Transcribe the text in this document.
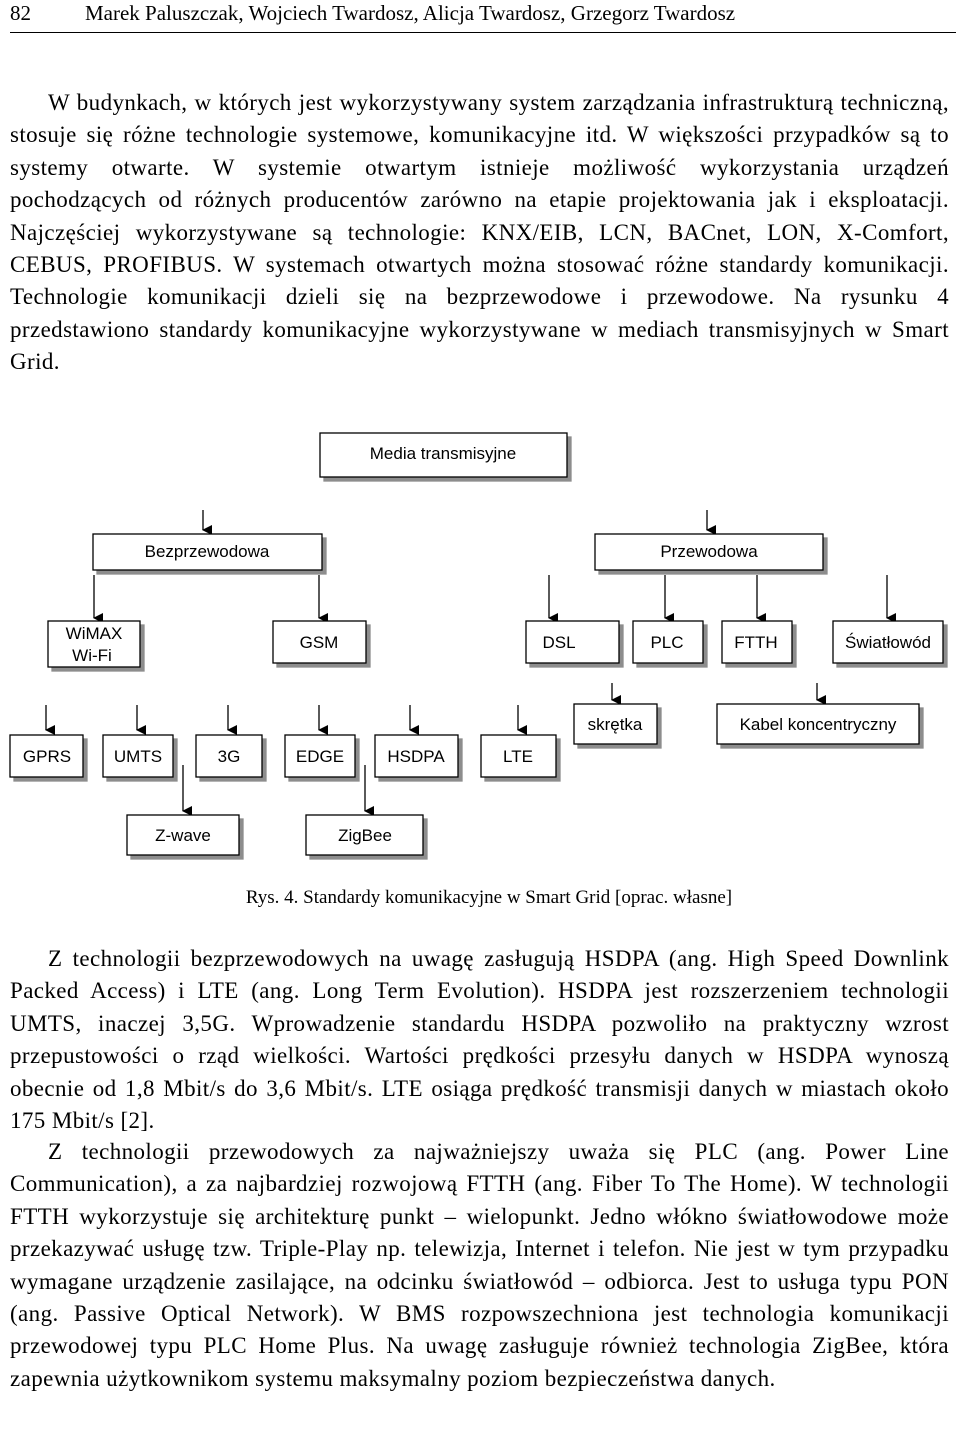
82	Marek Paluszczak, Wojciech Twardosz, Alicja Twardosz, Grzegorz Twardosz

W budynkach, w których jest wykorzystywany system zarządzania infrastrukturą techniczną, stosuje się różne technologie systemowe, komunikacyjne itd. W większości przypadków są to systemy otwarte. W systemie otwartym istnieje możliwość wykorzystania urządzeń pochodzących od różnych producentów zarówno na etapie projektowania jak i eksploatacji. Najczęściej wykorzystywane są technologie: KNX/EIB, LCN, BACnet, LON, X-Comfort, CEBUS, PROFIBUS. W systemach otwartych można stosować różne standardy komunikacji. Technologie komunikacji dzieli się na bezprzewodowe i przewodowe. Na rysunku 4 przedstawiono standardy komunikacyjne wykorzystywane w mediach transmisyjnych w Smart Grid.

Media transmisyjne
Bezprzewodowa	Przewodowa
WiMAX
Wi-Fi
GSM	DSL	PLC	FTTH	Światłowód
skrętka	Kabel koncentryczny
GPRS	UMTS	3G	EDGE	HSDPA	LTE
Z-wave	ZigBee
Rys. 4. Standardy komunikacyjne w Smart Grid [oprac. własne]

Z technologii bezprzewodowych na uwagę zasługują HSDPA (ang. High Speed Downlink Packed Access) i LTE (ang. Long Term Evolution). HSDPA jest rozszerzeniem technologii UMTS, inaczej 3,5G. Wprowadzenie standardu HSDPA pozwoliło na praktyczny wzrost przepustowości o rząd wielkości. Wartości prędkości przesyłu danych w HSDPA wynoszą obecnie od 1,8 Mbit/s do 3,6 Mbit/s. LTE osiąga prędkość transmisji danych w miastach około 175 Mbit/s [2].

Z technologii przewodowych za najważniejszy uważa się PLC (ang. Power Line Communication), a za najbardziej rozwojową FTTH (ang. Fiber To The Home). W technologii FTTH wykorzystuje się architekturę punkt – wielopunkt. Jedno włókno światłowodowe może przekazywać usługę tzw. Triple-Play np. telewizja, Internet i telefon. Nie jest w tym przypadku wymagane urządzenie zasilające, na odcinku światłowód – odbiorca. Jest to usługa typu PON (ang. Passive Optical Network). W BMS rozpowszechniona jest technologia komunikacji przewodowej typu PLC Home Plus. Na uwagę zasługuje również technologia ZigBee, która zapewnia użytkownikom systemu maksymalny poziom bezpieczeństwa danych.
